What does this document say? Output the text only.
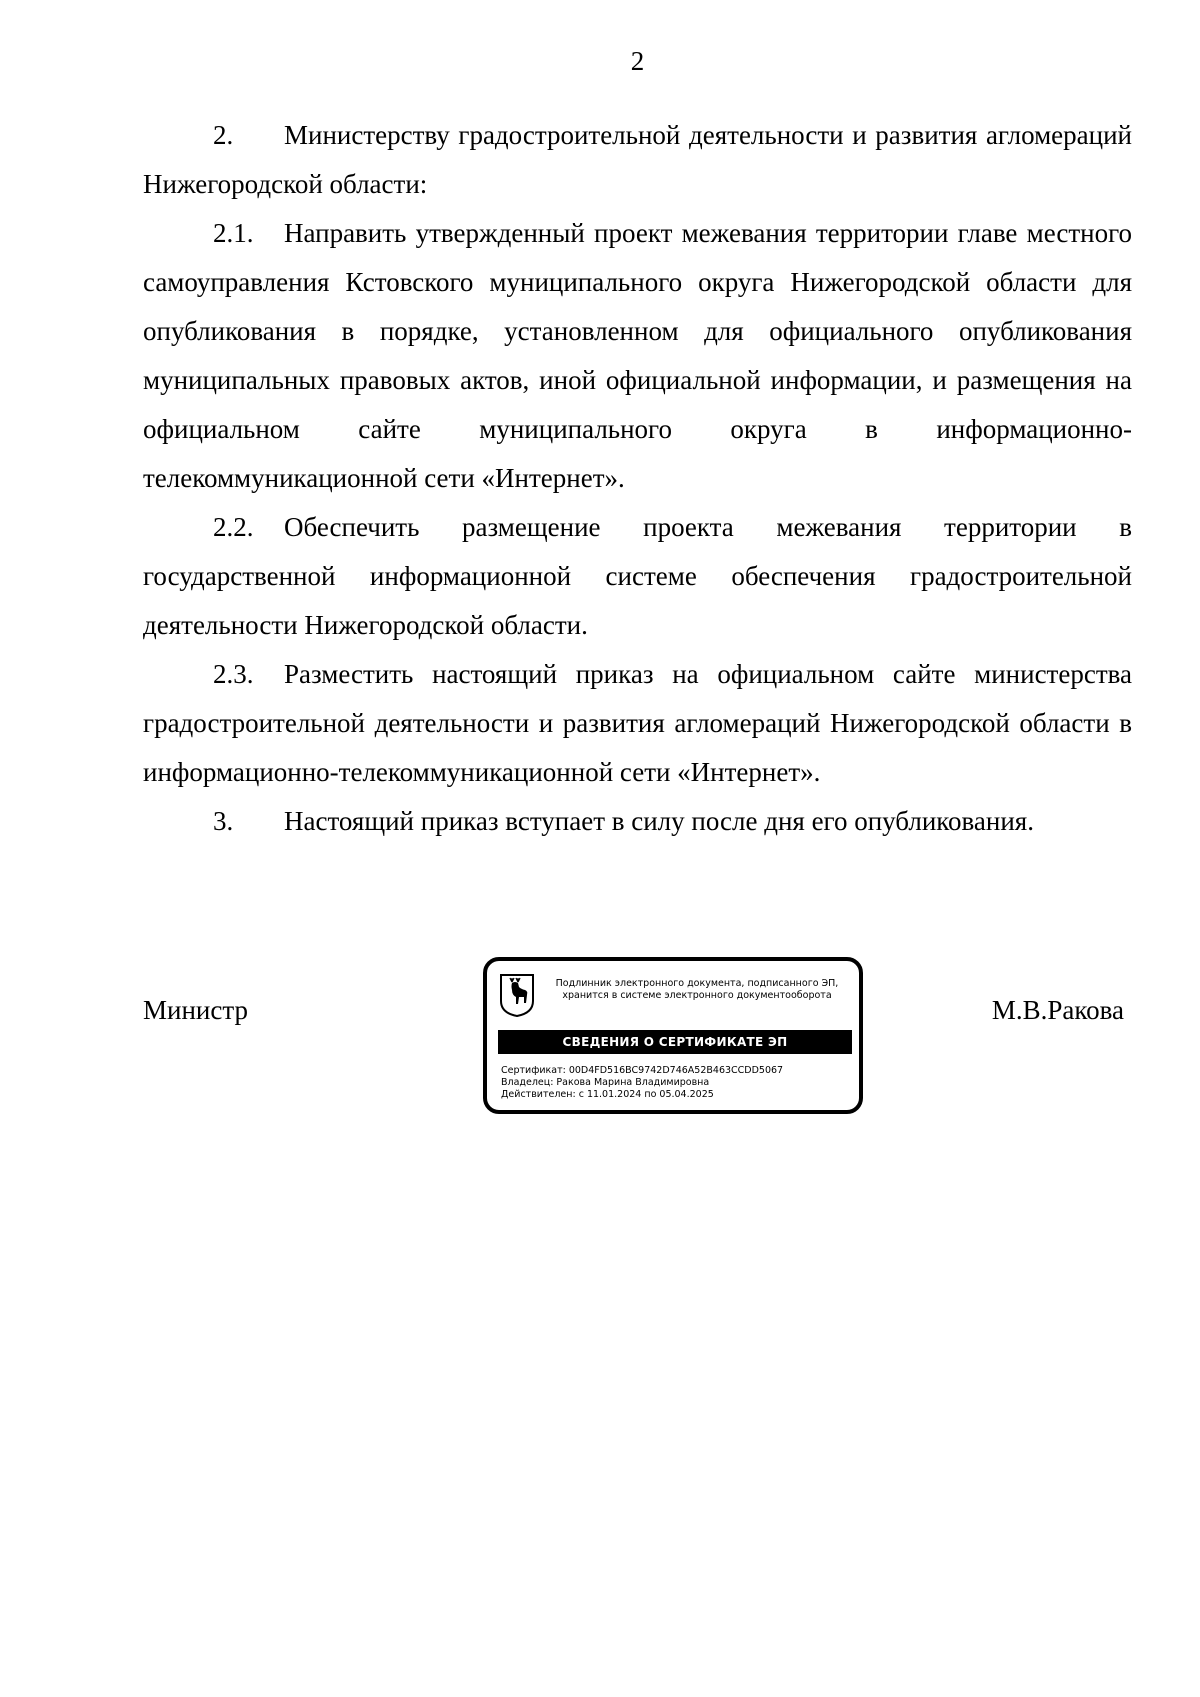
2

2. Министерству градостроительной деятельности и развития агломераций Нижегородской области:

2.1. Направить утвержденный проект межевания территории главе местного самоуправления Кстовского муниципального округа Нижегородской области для опубликования в порядке, установленном для официального опубликования муниципальных правовых актов, иной официальной информации, и размещения на официальном сайте муниципального округа в информационно-телекоммуникационной сети «Интернет».

2.2. Обеспечить размещение проекта межевания территории в государственной информационной системе обеспечения градостроительной деятельности Нижегородской области.

2.3. Разместить настоящий приказ на официальном сайте министерства градостроительной деятельности и развития агломераций Нижегородской области в информационно-телекоммуникационной сети «Интернет».

3. Настоящий приказ вступает в силу после дня его опубликования.

Министр
Подлинник электронного документа, подписанного ЭП,
хранится в системе электронного документооборота
СВЕДЕНИЯ О СЕРТИФИКАТЕ ЭП
Сертификат: 00D4FD516BC9742D746A52B463CCDD5067
Владелец: Ракова Марина Владимировна
Действителен: с 11.01.2024 по 05.04.2025
М.В.Ракова
